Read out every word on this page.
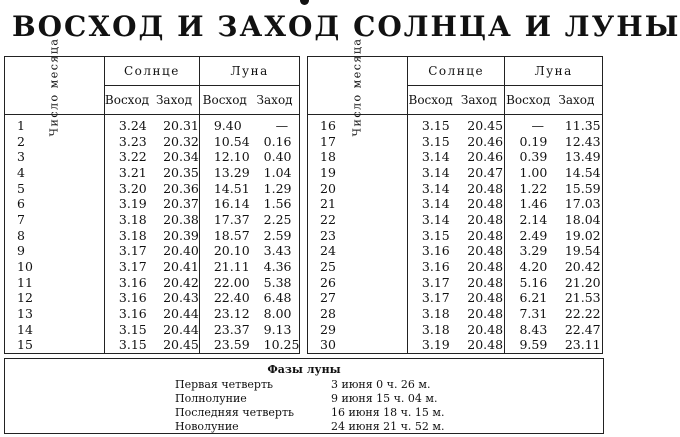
ВОСХОД И ЗАХОД СОЛНЦА И ЛУНЫ
Число месяца	Солнце		Луна	
	Восход	Заход	Восход	Заход
1	3.24	20.31	9.40	—
2	3.23	20.32	10.54	0.16
3	3.22	20.34	12.10	0.40
4	3.21	20.35	13.29	1.04
5	3.20	20.36	14.51	1.29
6	3.19	20.37	16.14	1.56
7	3.18	20.38	17.37	2.25
8	3.18	20.39	18.57	2.59
9	3.17	20.40	20.10	3.43
10	3.17	20.41	21.11	4.36
11	3.16	20.42	22.00	5.38
12	3.16	20.43	22.40	6.48
13	3.16	20.44	23.12	8.00
14	3.15	20.44	23.37	9.13
15	3.15	20.45	23.59	10.25
Число месяца	Солнце		Луна	
	Восход	Заход	Восход	Заход
16	3.15	20.45	—	11.35
17	3.15	20.46	0.19	12.43
18	3.14	20.46	0.39	13.49
19	3.14	20.47	1.00	14.54
20	3.14	20.48	1.22	15.59
21	3.14	20.48	1.46	17.03
22	3.14	20.48	2.14	18.04
23	3.15	20.48	2.49	19.02
24	3.16	20.48	3.29	19.54
25	3.16	20.48	4.20	20.42
26	3.17	20.48	5.16	21.20
27	3.17	20.48	6.21	21.53
28	3.18	20.48	7.31	22.22
29	3.18	20.48	8.43	22.47
30	3.19	20.48	9.59	23.11
Фазы луны
Первая четверть	3 июня 0 ч. 26 м.
Полнолуние	9 июня 15 ч. 04 м.
Последняя четверть	16 июня 18 ч. 15 м.
Новолуние	24 июня 21 ч. 52 м.
